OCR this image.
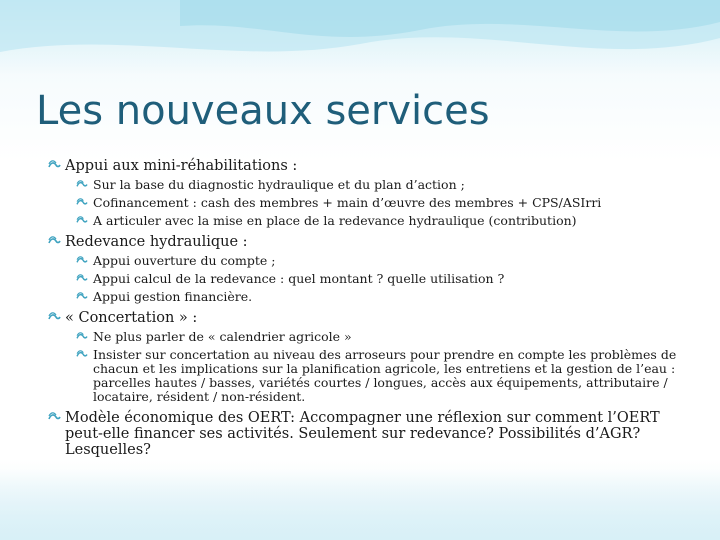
Les nouveaux services
Appui aux mini-réhabilitations :
Sur la base du diagnostic hydraulique et du plan d’action ;
Cofinancement : cash des membres + main d’œuvre des membres + CPS/ASIrri
A articuler avec la mise en place de la redevance hydraulique (contribution)
Redevance hydraulique :
Appui ouverture du compte ;
Appui calcul de la redevance : quel montant ? quelle utilisation ?
Appui gestion financière.
« Concertation » :
Ne plus parler de « calendrier agricole »
Insister sur concertation au niveau des arroseurs pour prendre en compte les problèmes de chacun et les implications sur la planification agricole, les entretiens et la gestion de l’eau : parcelles hautes / basses, variétés courtes / longues, accès aux équipements, attributaire / locataire, résident / non-résident.
Modèle économique des OERT: Accompagner une réflexion sur comment l’OERT peut-elle financer ses activités. Seulement sur redevance? Possibilités d’AGR? Lesquelles?
